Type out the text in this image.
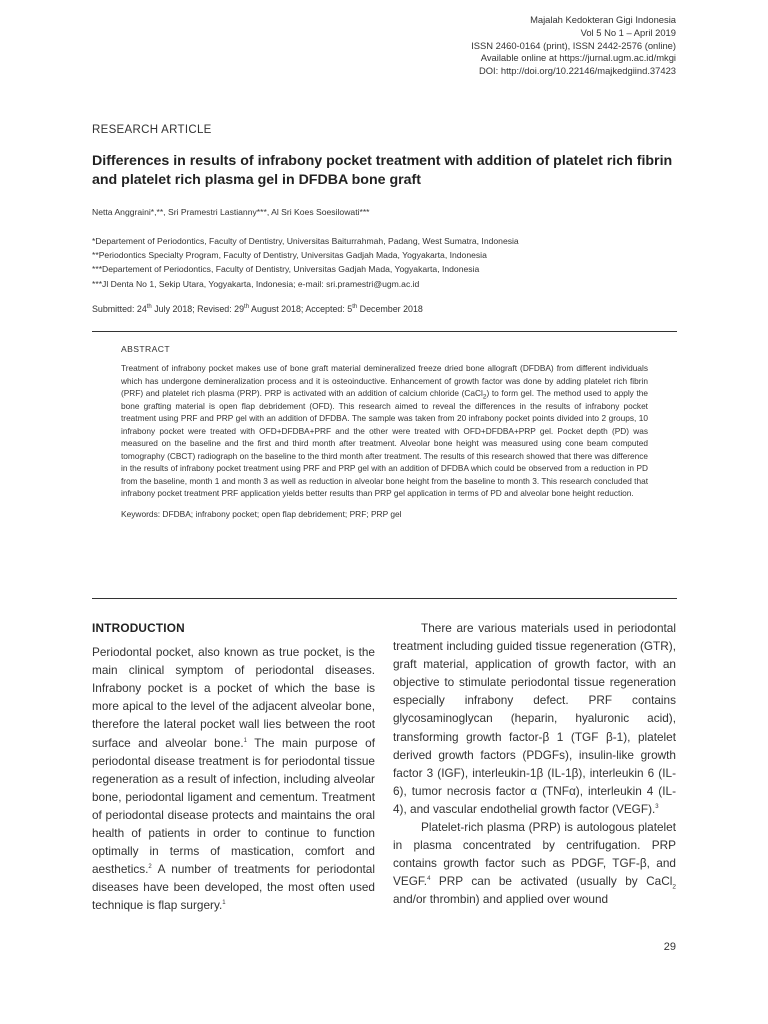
Majalah Kedokteran Gigi Indonesia
Vol 5 No 1 – April 2019
ISSN 2460-0164 (print), ISSN 2442-2576 (online)
Available online at https://jurnal.ugm.ac.id/mkgi
DOI: http://doi.org/10.22146/majkedgiind.37423
RESEARCH ARTICLE
Differences in results of infrabony pocket treatment with addition of platelet rich fibrin and platelet rich plasma gel in DFDBA bone graft
Netta Anggraini*,**, Sri Pramestri Lastianny***, Al Sri Koes Soesilowati***
*Departement of Periodontics, Faculty of Dentistry, Universitas Baiturrahmah, Padang, West Sumatra, Indonesia
**Periodontics Specialty Program, Faculty of Dentistry, Universitas Gadjah Mada, Yogyakarta, Indonesia
***Departement of Periodontics, Faculty of Dentistry, Universitas Gadjah Mada, Yogyakarta, Indonesia
***Jl Denta No 1, Sekip Utara, Yogyakarta, Indonesia; e-mail: sri.pramestri@ugm.ac.id
Submitted: 24th July 2018; Revised: 29th August 2018; Accepted: 5th December 2018
ABSTRACT

Treatment of infrabony pocket makes use of bone graft material demineralized freeze dried bone allograft (DFDBA) from different individuals which has undergone demineralization process and it is osteoinductive. Enhancement of growth factor was done by adding platelet rich fibrin (PRF) and platelet rich plasma (PRP). PRP is activated with an addition of calcium chloride (CaCl$_2$) to form gel. The method used to apply the bone grafting material is open flap debridement (OFD). This research aimed to reveal the differences in the results of infrabony pocket treatment using PRF and PRP gel with an addition of DFDBA. The sample was taken from 20 infrabony pocket points divided into 2 groups, 10 infrabony pocket were treated with OFD+DFDBA+PRF and the other were treated with OFD+DFDBA+PRP gel. Pocket depth (PD) was measured on the baseline and the first and third month after treatment. Alveolar bone height was measured using cone beam computed tomography (CBCT) radiograph on the baseline to the third month after treatment. The results of this research showed that there was difference in the results of infrabony pocket treatment using PRF and PRP gel with an addition of DFDBA which could be observed from a reduction in PD from the baseline, month 1 and month 3 as well as reduction in alveolar bone height from the baseline to month 3. This research concluded that infrabony pocket treatment PRF application yields better results than PRP gel application in terms of PD and alveolar bone height reduction.

Keywords: DFDBA; infrabony pocket; open flap debridement; PRF; PRP gel
INTRODUCTION

Periodontal pocket, also known as true pocket, is the main clinical symptom of periodontal diseases. Infrabony pocket is a pocket of which the base is more apical to the level of the adjacent alveolar bone, therefore the lateral pocket wall lies between the root surface and alveolar bone.$^1$ The main purpose of periodontal disease treatment is for periodontal tissue regeneration as a result of infection, including alveolar bone, periodontal ligament and cementum. Treatment of periodontal disease protects and maintains the oral health of patients in order to continue to function optimally in terms of mastication, comfort and aesthetics.$^2$ A number of treatments for periodontal diseases have been developed, the most often used technique is flap surgery.$^1$

There are various materials used in periodontal treatment including guided tissue regeneration (GTR), graft material, application of growth factor, with an objective to stimulate periodontal tissue regeneration especially infrabony defect. PRF contains glycosaminoglycan (heparin, hyaluronic acid), transforming growth factor-β 1 (TGF β-1), platelet derived growth factors (PDGFs), insulin-like growth factor 3 (IGF), interleukin-1β (IL-1β), interleukin 6 (IL-6), tumor necrosis factor α (TNFα), interleukin 4 (IL-4), and vascular endothelial growth factor (VEGF).$^3$

Platelet-rich plasma (PRP) is autologous platelet in plasma concentrated by centrifugation. PRP contains growth factor such as PDGF, TGF-β, and VEGF.$^4$ PRP can be activated (usually by CaCl$_2$ and/or thrombin) and applied over wound

29
